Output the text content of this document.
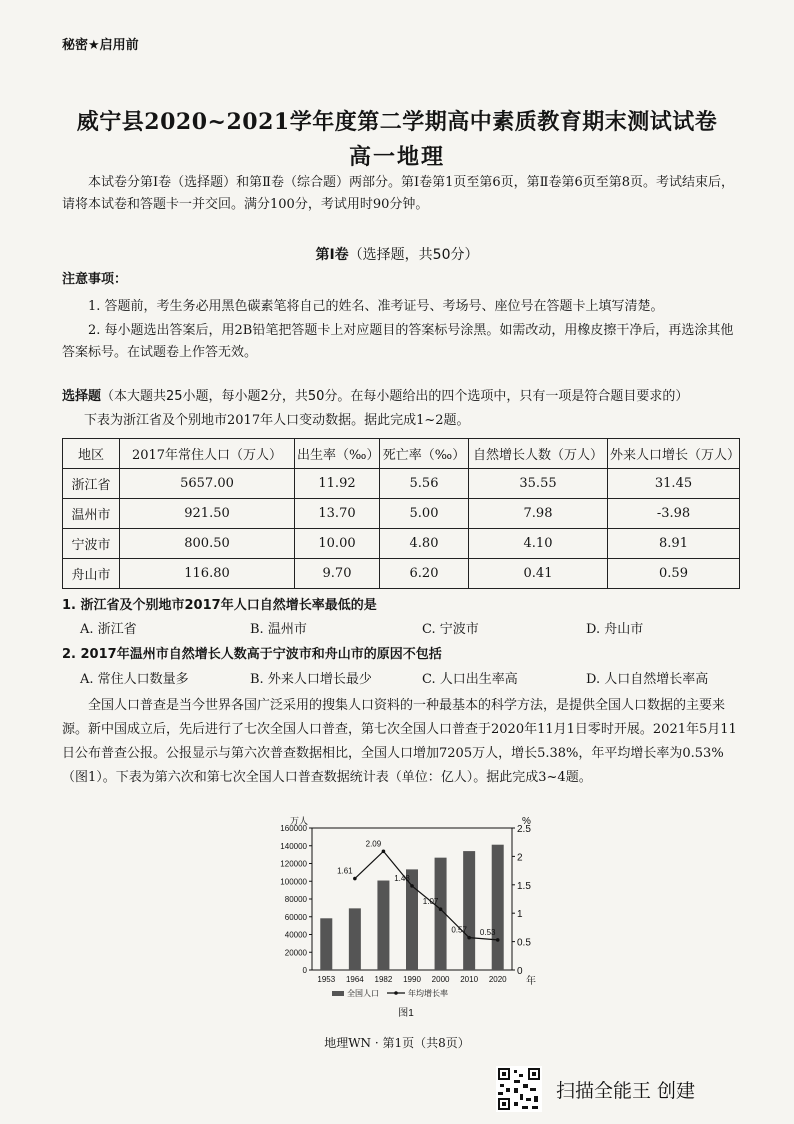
秘密★启用前
威宁县2020~2021学年度第二学期高中素质教育期末测试试卷
高一地理
本试卷分第Ⅰ卷（选择题）和第Ⅱ卷（综合题）两部分。第Ⅰ卷第1页至第6页，第Ⅱ卷第6页至第8页。考试结束后，请将本试卷和答题卡一并交回。满分100分，考试用时90分钟。
第Ⅰ卷（选择题，共50分）
注意事项：
1. 答题前，考生务必用黑色碳素笔将自己的姓名、准考证号、考场号、座位号在答题卡上填写清楚。
2. 每小题选出答案后，用2B铅笔把答题卡上对应题目的答案标号涂黑。如需改动，用橡皮擦干净后，再选涂其他答案标号。在试题卷上作答无效。
选择题（本大题共25小题，每小题2分，共50分。在每小题给出的四个选项中，只有一项是符合题目要求的）
下表为浙江省及个别地市2017年人口变动数据。据此完成1~2题。
地区	2017年常住人口（万人）	出生率（‰）	死亡率（‰）	自然增长人数（万人）	外来人口增长（万人）
浙江省	5657.00	11.92	5.56	35.55	31.45
温州市	921.50	13.70	5.00	7.98	-3.98
宁波市	800.50	10.00	4.80	4.10	8.91
舟山市	116.80	9.70	6.20	0.41	0.59
1. 浙江省及个别地市2017年人口自然增长率最低的是
A. 浙江省	B. 温州市	C. 宁波市	D. 舟山市
2. 2017年温州市自然增长人数高于宁波市和舟山市的原因不包括
A. 常住人口数量多	B. 外来人口增长最少	C. 人口出生率高	D. 人口自然增长率高
全国人口普查是当今世界各国广泛采用的搜集人口资料的一种最基本的科学方法，是提供全国人口数据的主要来源。新中国成立后，先后进行了七次全国人口普查，第七次全国人口普查于2020年11月1日零时开展。2021年5月11日公布普查公报。公报显示与第六次普查数据相比，全国人口增加7205万人，增长5.38%，年平均增长率为0.53%（图1）。下表为第六次和第七次全国人口普查数据统计表（单位：亿人）。据此完成3~4题。
0
20000
40000
60000
80000
100000
120000
140000
160000
0
0.5
1
1.5
2
2.5
万人	%
年
1953 1964 1982 1990 2000 2010 2020
1.61
2.09
1.48
1.07
0.57 0.53
全国人口	年均增长率
图1
地理WN · 第1页（共8页）
扫描全能王 创建
